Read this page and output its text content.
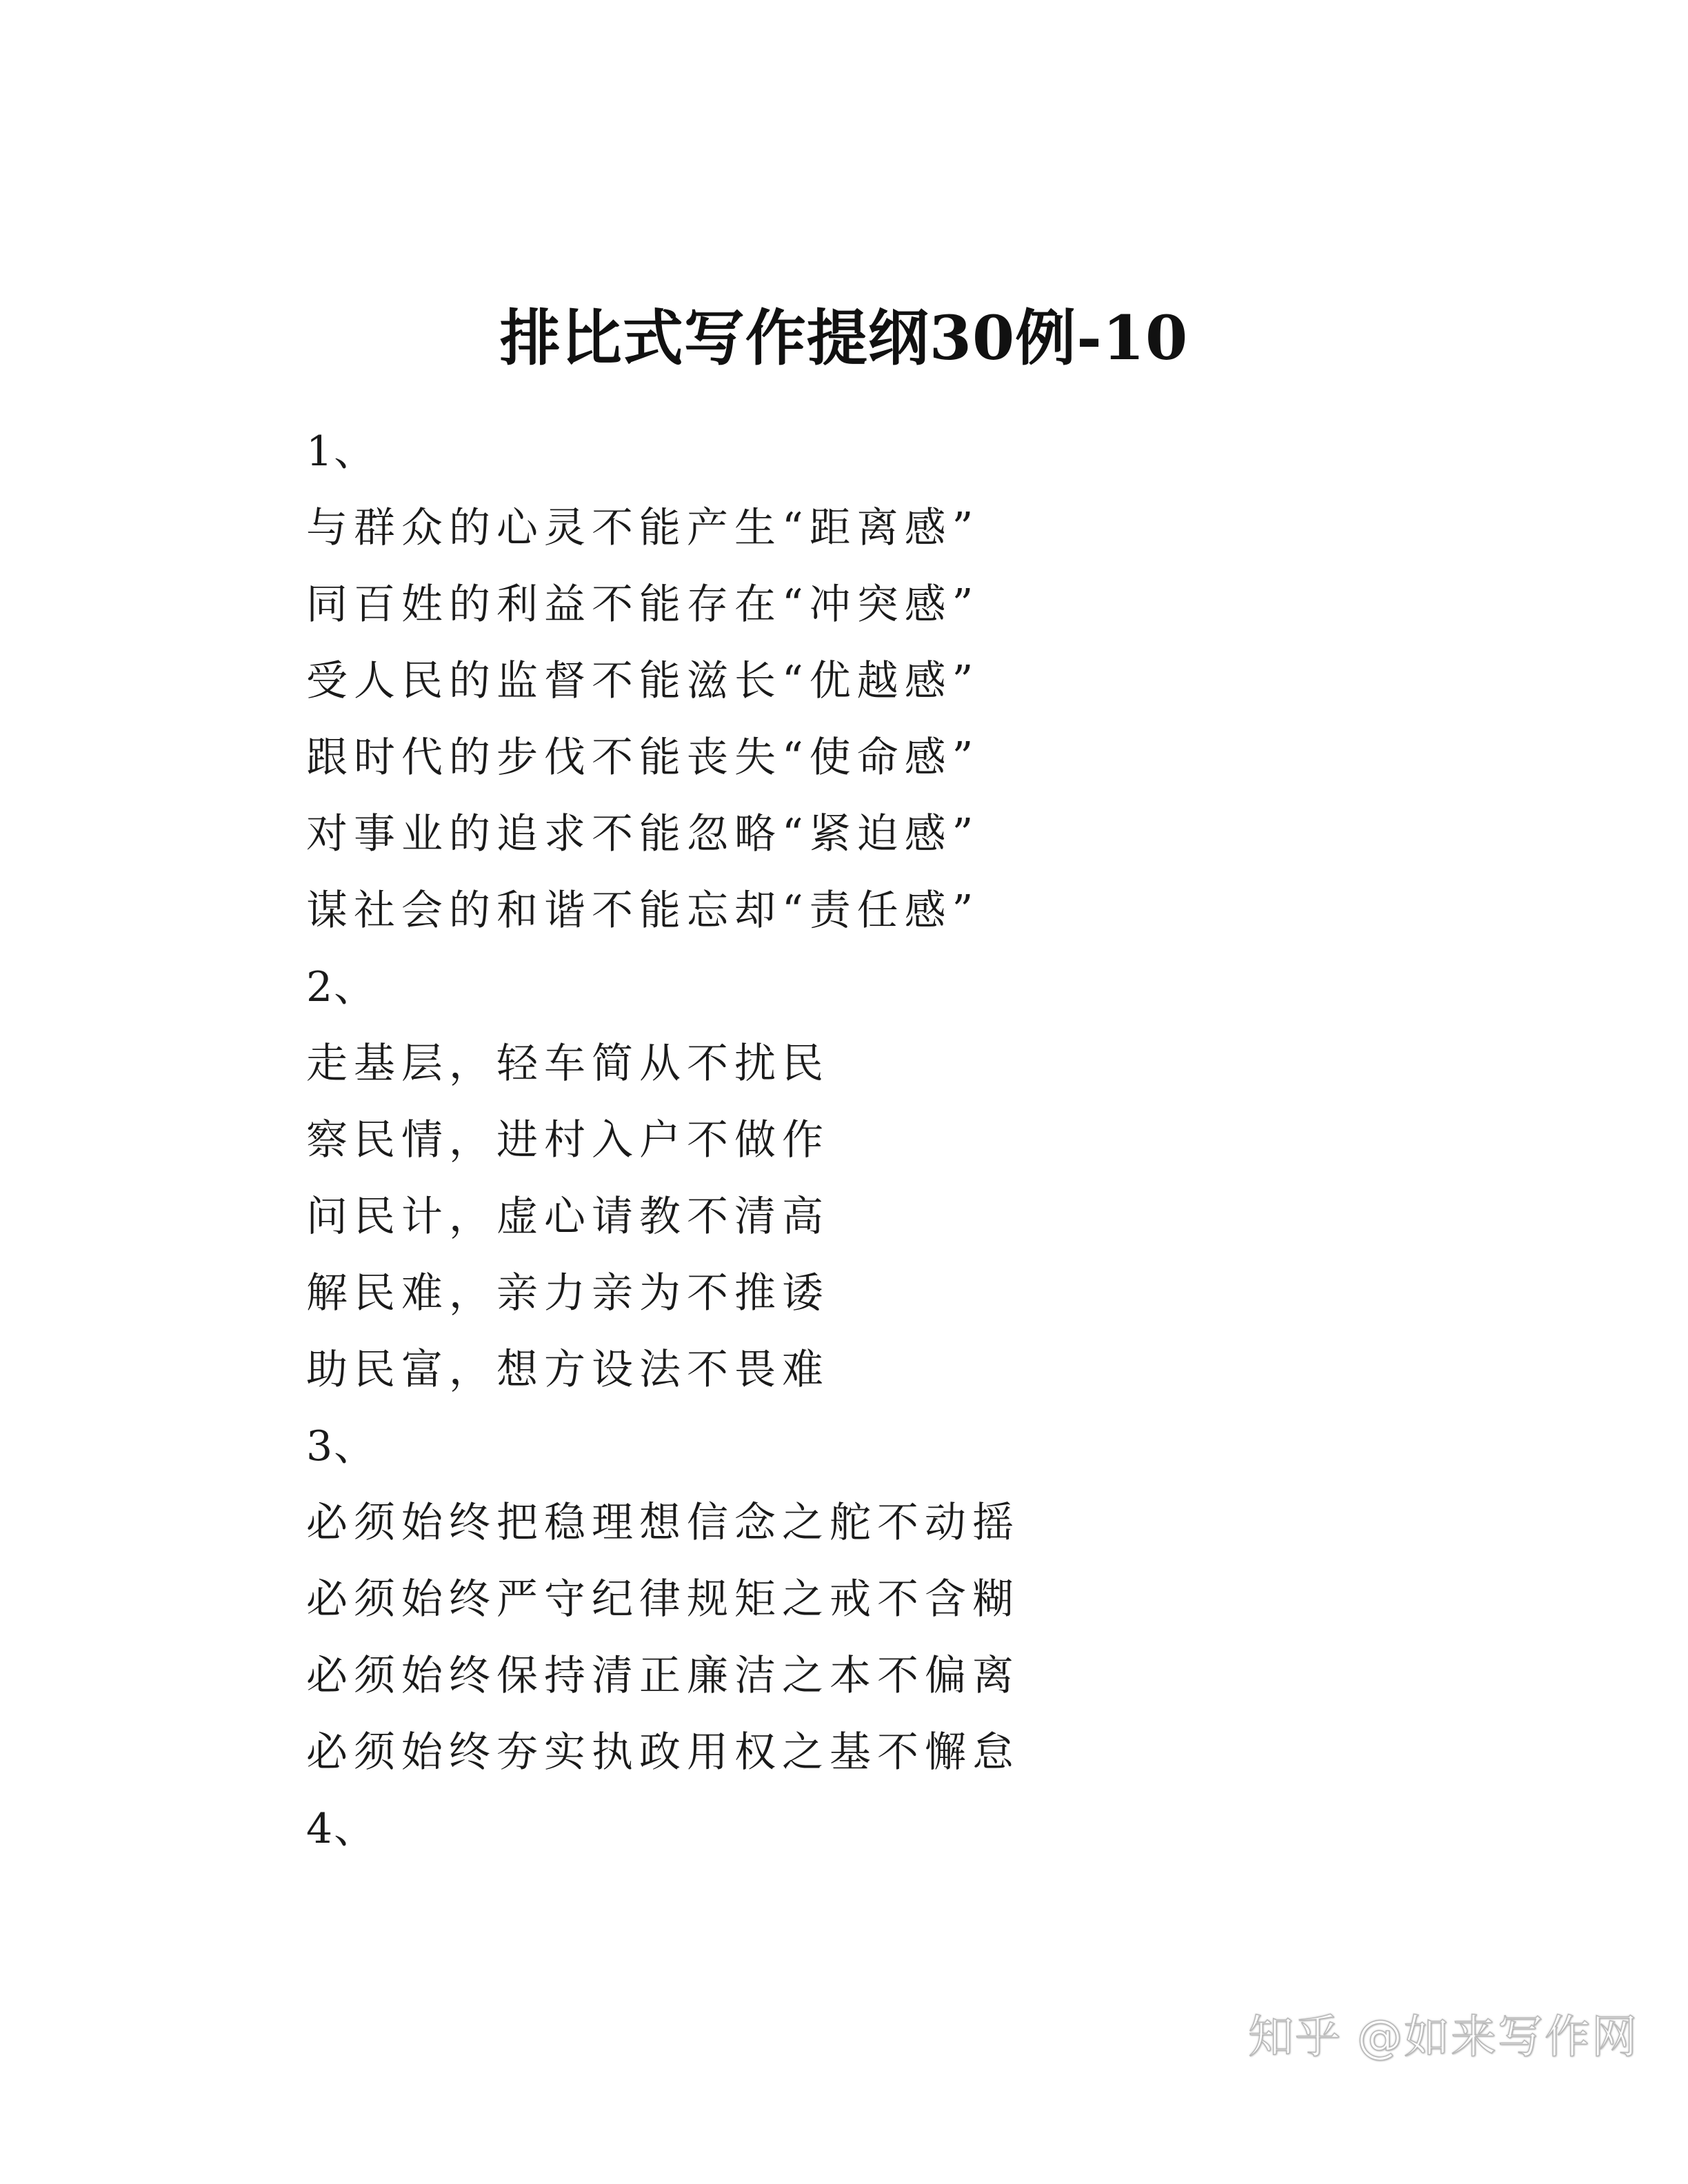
排比式写作提纲30例-10
1、
与群众的心灵不能产生“距离感”
同百姓的利益不能存在“冲突感”
受人民的监督不能滋长“优越感”
跟时代的步伐不能丧失“使命感”
对事业的追求不能忽略“紧迫感”
谋社会的和谐不能忘却“责任感”
2、
走基层，轻车简从不扰民
察民情，进村入户不做作
问民计，虚心请教不清高
解民难，亲力亲为不推诿
助民富，想方设法不畏难
3、
必须始终把稳理想信念之舵不动摇
必须始终严守纪律规矩之戒不含糊
必须始终保持清正廉洁之本不偏离
必须始终夯实执政用权之基不懈怠
4、
知乎 @如来写作网
